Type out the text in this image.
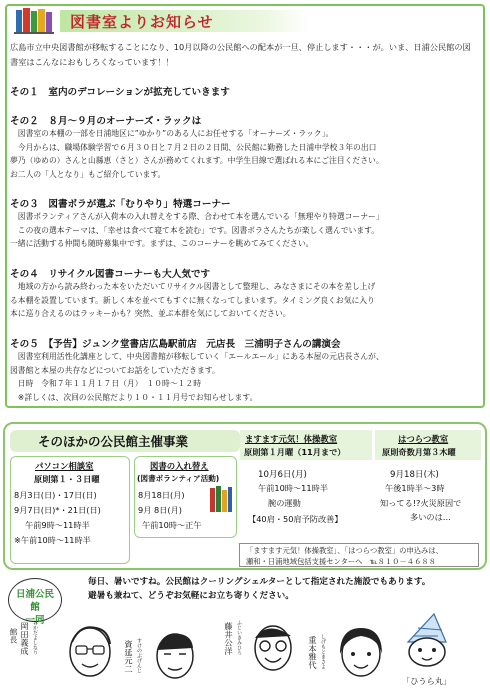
図書室よりお知らせ

広島市立中央図書館が移転することになり、10月以降の公民館への配本が一旦、停止します・・・が。いま、日浦公民館の図書室はこんなにおもしろくなっています！！

その１　室内のデコレーションが拡充していきます
その２　８月～９月のオーナーズ・ラックは

　図書室の本棚の一部を日浦地区に”ゆかり”のある人にお任せする「オーナーズ・ラック」。

　今月からは、職場体験学習で６月３０日と７月２日の２日間、公民館に勤務した日浦中学校３年の出口

夢乃（ゆめの）さんと山縣恵（さと）さんが務めてくれます。中学生目線で選ばれる本にご注目ください。

お二人の「人となり」もご紹介しています。

その３　図書ボラが選ぶ「むりやり」特選コーナー

　図書ボランティアさんが入荷本の入れ替えをする際、合わせて本を選んでいる「無理やり特選コーナー」

　この夜の選本テーマは、「幸せは食べて寝て本を読む」です。図書ボラさんたちが楽しく選んでいます。

一緒に活動する仲間も随時募集中です。まずは、このコーナーを眺めてみてください。

その４　リサイクル図書コーナーも大人気です

　地域の方から読み終わった本をいただいてリサイクル図書として整理し、みなさまにその本を差し上げ

る本棚を設置しています。新しく本を並べてもすぐに無くなってしまいます。タイミング良くお気に入り

本に巡り合えるのはラッキーかも？突然、並ぶ本群を気にしておいてください。

その５　【予告】ジュンク堂書店広島駅前店　元店長　三浦明子さんの講演会

　図書室利用活性化講座として、中央図書館が移転していく「エールエール」にある本屋の元店長さんが、

図書館と本屋の共存などについてお話をしていただきます。

　日時　令和７年１１月１７日（月）　１０時～１２時

　※詳しくは、次回の公民館だより１０・１１月号でお知らせします。

そのほかの公民館主催事業
パソコン相談室
原則第１・３日曜
8月3日(日)・17日(日)
9月7日(日)*・21日(日)
午前9時～11時半
※午前10時～11時半
図書の入れ替え
(図書ボランティア活動)
8月18日(月)
9月 8日(月)
午前10時～正午
ますます元気！体操教室
原則第１月曜（11月まで）
10月6日(月)
午前10時～11時半
腕の運動
【40肩・50肩予防改善】
はつらつ教室
原則奇数月第３木曜
9月18日(木)
午後1時半～3時
知ってる!?火災原因で
多いのは…
「ますます元気！体操教室」、「はつらつ教室」の申込みは、
瀬和・日浦地域包括支援センターへ　℡８１０－４６８８
日浦公民館
一同
毎日、暑いですね。公民館はクーリングシェルターとして指定された施設でもあります。
避暑も兼ねて、どうぞお気軽にお立ち寄りください。
館長 岡田義成 おかだよしなり
資延元二 すけのぶげんじ	藤井公洋 ふじいきみひろ	重本雅代 しげもとまさよ
「ひうら丸」
